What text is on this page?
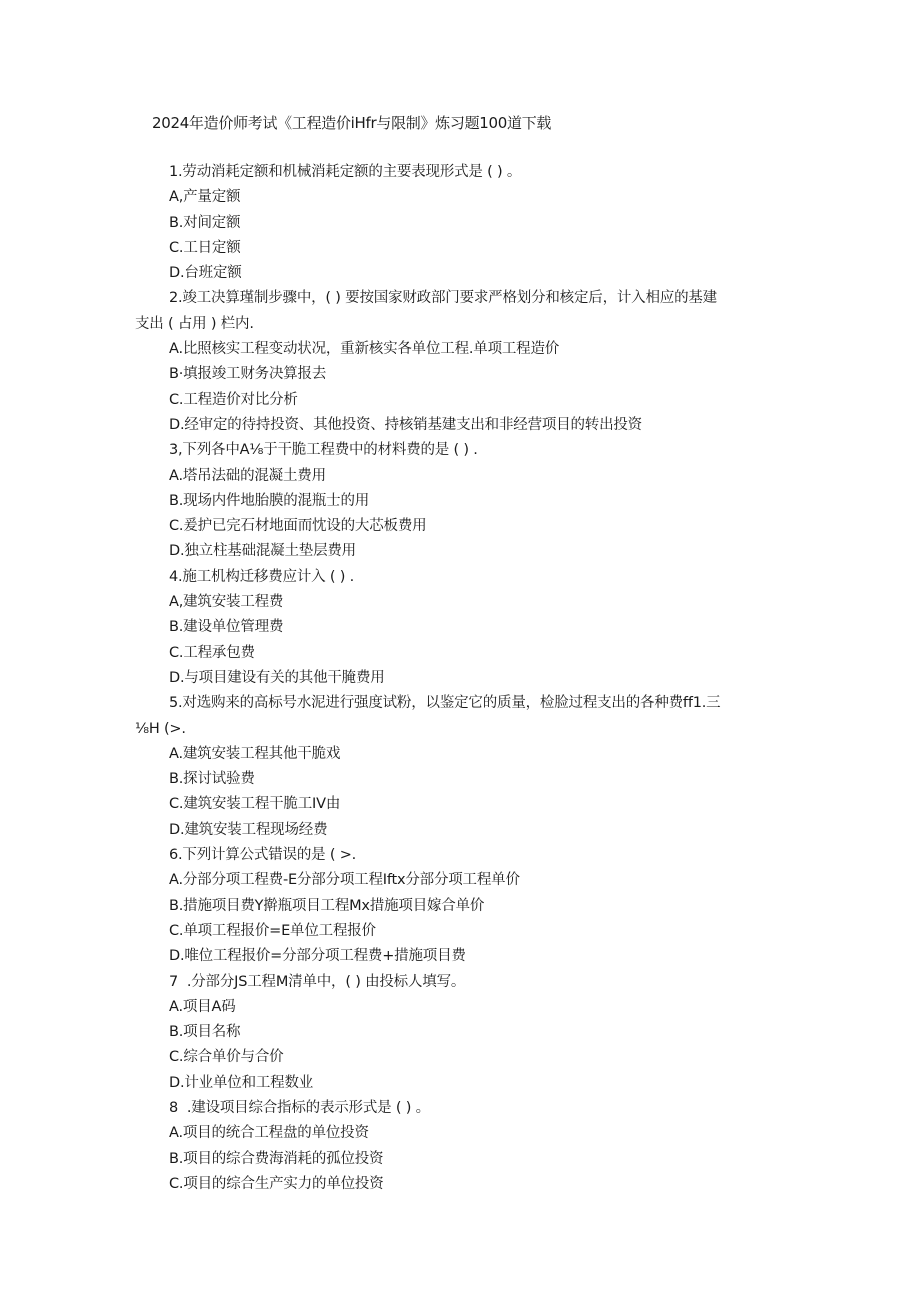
2024年造价师考试《工程造价iHfr与限制》炼习题100道下载
1.劳动消耗定额和机械消耗定额的主要表现形式是 ( ) 。
A,产量定额
B.对间定额
C.工日定额
D.台班定额
2.竣工决算瑾制步骤中，( ) 要按国家财政部门要求严格划分和核定后，计入相应的基建
支出 ( 占用 ) 栏内.
A.比照核实工程变动状况，重新核实各单位工程.单项工程造价
B·填报竣工财务决算报去
C.工程造价对比分析
D.经审定的待持投资、其他投资、持核销基建支出和非经营项目的转出投资
3,下列各中A⅛于干脆工程费中的材料费的是 ( ) .
A.塔吊法础的混凝土费用
B.现场内件地胎膜的混瓶士的用
C.爰护已完石材地面而忱设的大芯板费用
D.独立柱基础混凝土垫层费用
4.施工机构迁移费应计入 ( ) .
A,建筑安装工程费
B.建设单位管理费
C.工程承包费
D.与项目建设有关的其他干腌费用
5.对选购来的高标号水泥进行强度试粉，以鉴定它的质量，检脸过程支出的各种费ff1.三
⅛H (>.
A.建筑安装工程其他干脆戏
B.探讨试验费
C.建筑安装工程干脆工IV由
D.建筑安装工程现场经费
6.下列计算公式错误的是 ( >.
A.分部分项工程费-E分部分项工程Iftx分部分项工程单价
B.措施项目费Y擀瓶项目工程Mx措施项目嫁合单价
C.单项工程报价=E单位工程报价
D.唯位工程报价=分部分项工程费+措施项目费
7  .分部分JS工程M清单中，( ) 由投标人填写。
A.项目A码
B.项目名称
C.综合单价与合价
D.计业单位和工程数业
8  .建设项目综合指标的表示形式是 ( ) 。
A.项目的统合工程盘的单位投资
B.项目的综合费海消耗的孤位投资
C.项目的综合生产实力的单位投资
